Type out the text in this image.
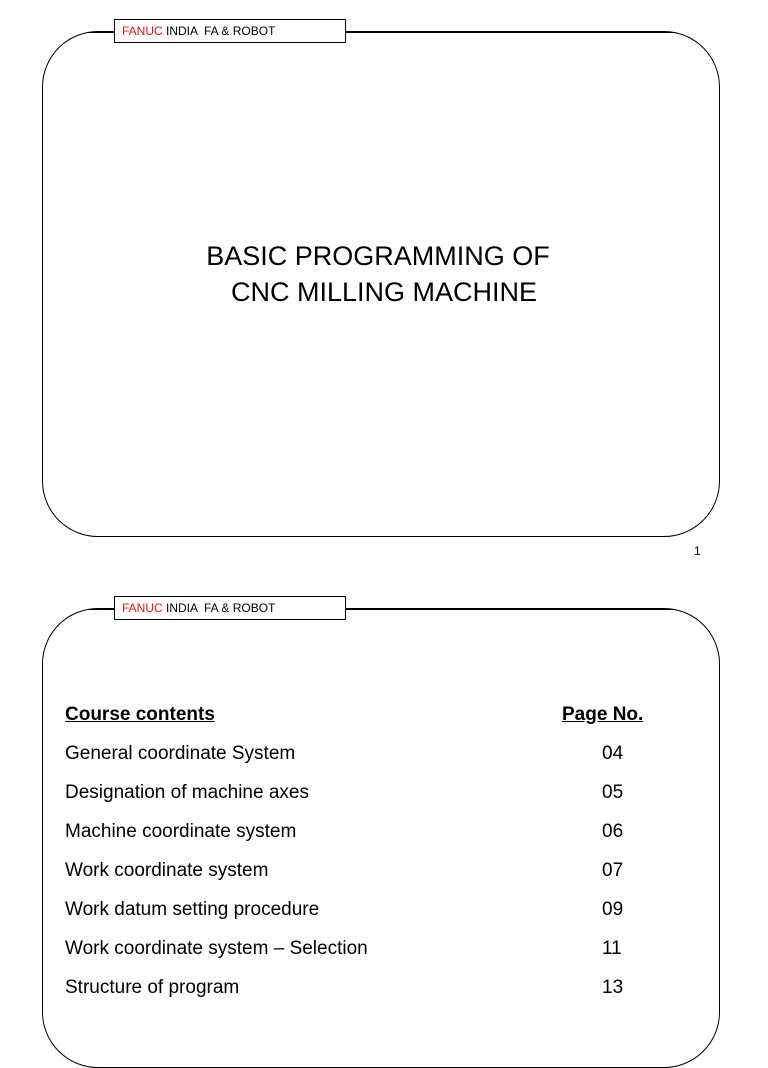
FANUC INDIA  FA & ROBOT
BASIC PROGRAMMING OF
CNC MILLING MACHINE
1
FANUC INDIA  FA & ROBOT
Course contents	Page No.
General coordinate System	04
Designation of machine axes	05
Machine coordinate system	06
Work coordinate system	07
Work datum setting procedure	09
Work coordinate system – Selection	11
Structure of program	13
